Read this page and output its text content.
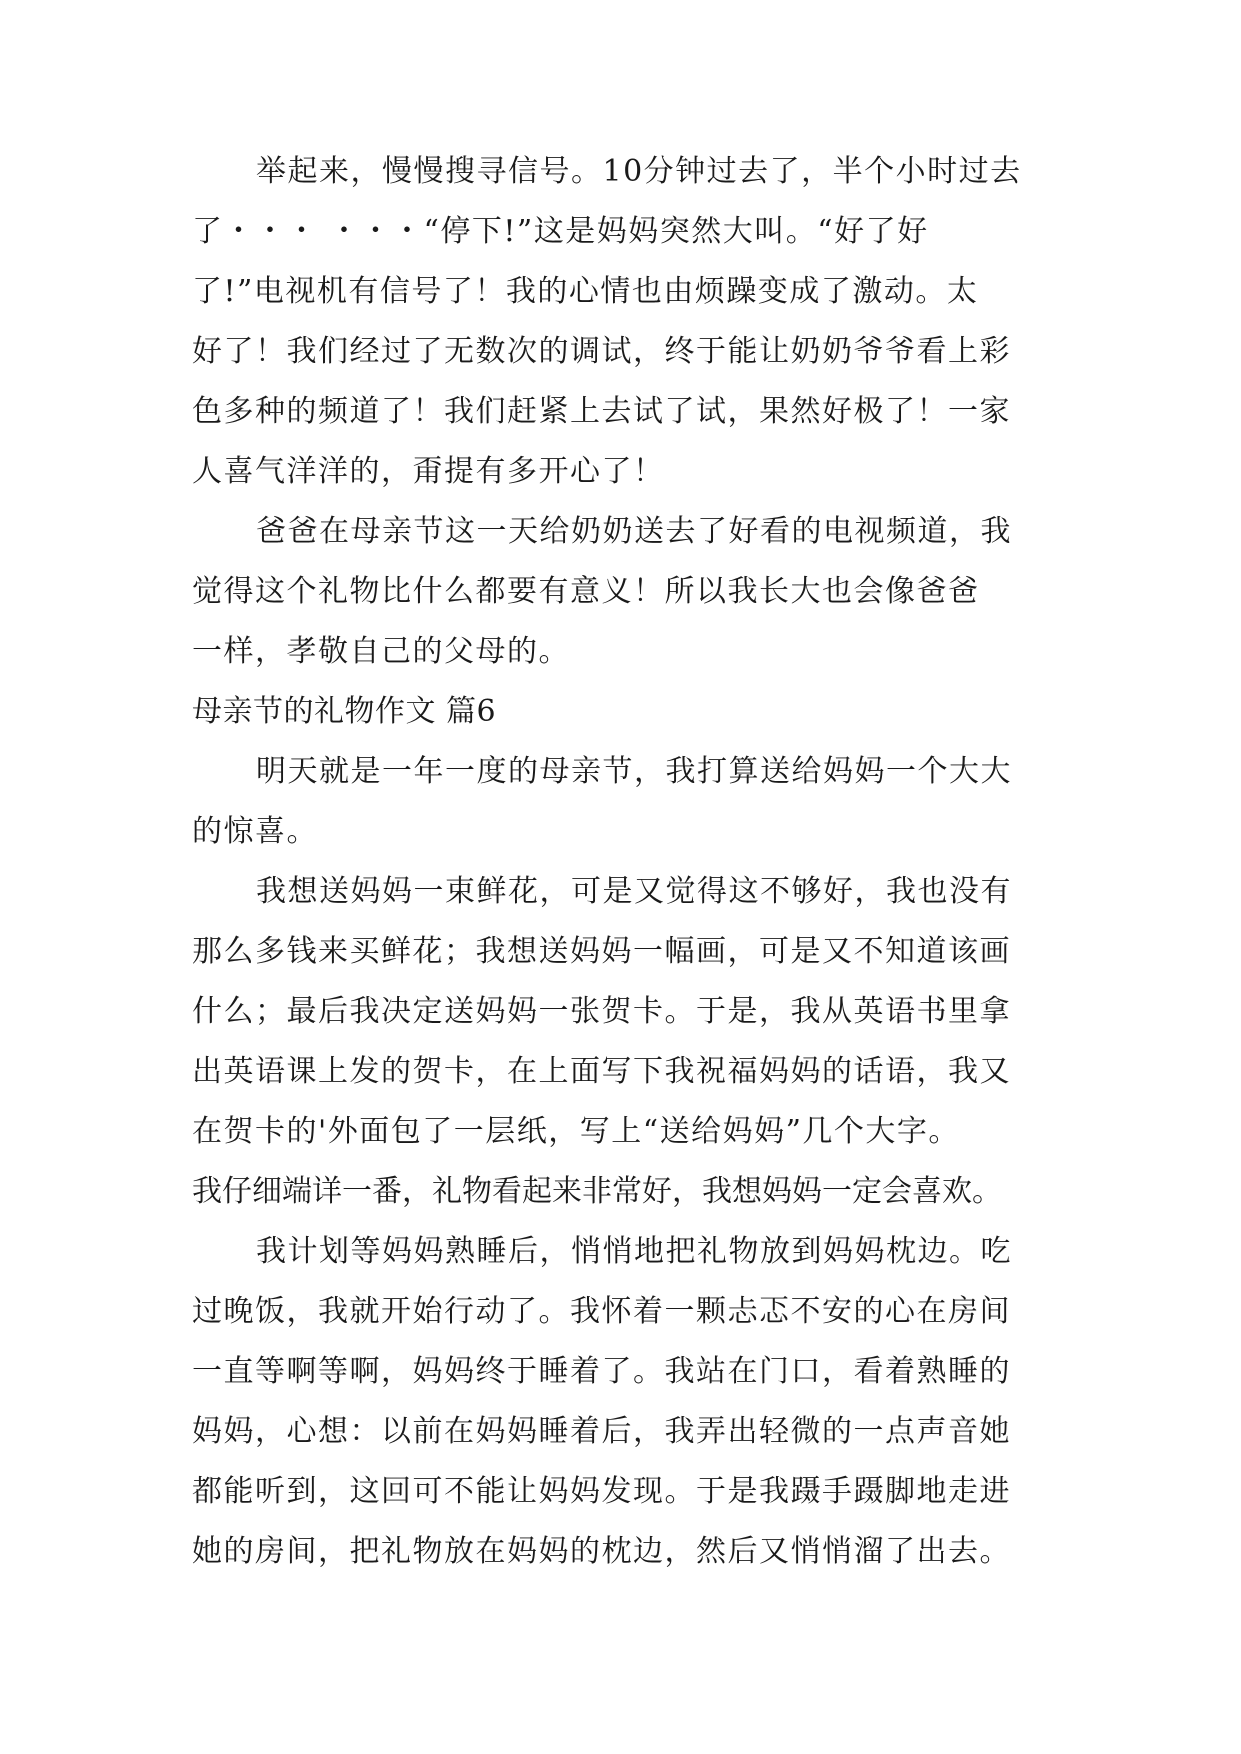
举起来，慢慢搜寻信号。10分钟过去了，半个小时过去
了・・・ ・・・“停下!”这是妈妈突然大叫。“好了好
了!”电视机有信号了！我的心情也由烦躁变成了激动。太
好了！我们经过了无数次的调试，终于能让奶奶爷爷看上彩
色多种的频道了！我们赶紧上去试了试，果然好极了！一家
人喜气洋洋的，甭提有多开心了！
爸爸在母亲节这一天给奶奶送去了好看的电视频道，我
觉得这个礼物比什么都要有意义！所以我长大也会像爸爸
一样，孝敬自己的父母的。
母亲节的礼物作文 篇6
明天就是一年一度的母亲节，我打算送给妈妈一个大大
的惊喜。
我想送妈妈一束鲜花，可是又觉得这不够好，我也没有
那么多钱来买鲜花；我想送妈妈一幅画，可是又不知道该画
什么；最后我决定送妈妈一张贺卡。于是，我从英语书里拿
出英语课上发的贺卡，在上面写下我祝福妈妈的话语，我又
在贺卡的'外面包了一层纸，写上“送给妈妈”几个大字。
我仔细端详一番，礼物看起来非常好，我想妈妈一定会喜欢。
我计划等妈妈熟睡后，悄悄地把礼物放到妈妈枕边。吃
过晚饭，我就开始行动了。我怀着一颗忐忑不安的心在房间
一直等啊等啊，妈妈终于睡着了。我站在门口，看着熟睡的
妈妈，心想：以前在妈妈睡着后，我弄出轻微的一点声音她
都能听到，这回可不能让妈妈发现。于是我蹑手蹑脚地走进
她的房间，把礼物放在妈妈的枕边，然后又悄悄溜了出去。
